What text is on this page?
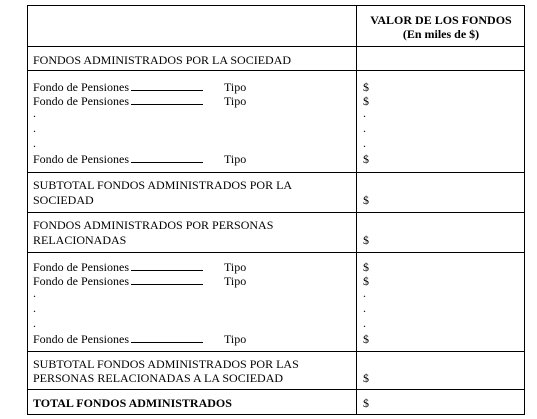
VALOR DE LOS FONDOS
(En miles de $)
FONDOS ADMINISTRADOS POR LA SOCIEDAD
Fondo de Pensiones	Tipo	$
Fondo de Pensiones	Tipo	$
.	.
.	.
.	.
Fondo de Pensiones	Tipo	$
SUBTOTAL FONDOS ADMINISTRADOS POR LA
SOCIEDAD	$
FONDOS ADMINISTRADOS POR PERSONAS
RELACIONADAS	$
Fondo de Pensiones	Tipo	$
Fondo de Pensiones	Tipo	$
.	.
.	.
.	.
Fondo de Pensiones	Tipo	$
SUBTOTAL FONDOS ADMINISTRADOS POR LAS
PERSONAS RELACIONADAS A LA SOCIEDAD	$
TOTAL FONDOS ADMINISTRADOS	$
